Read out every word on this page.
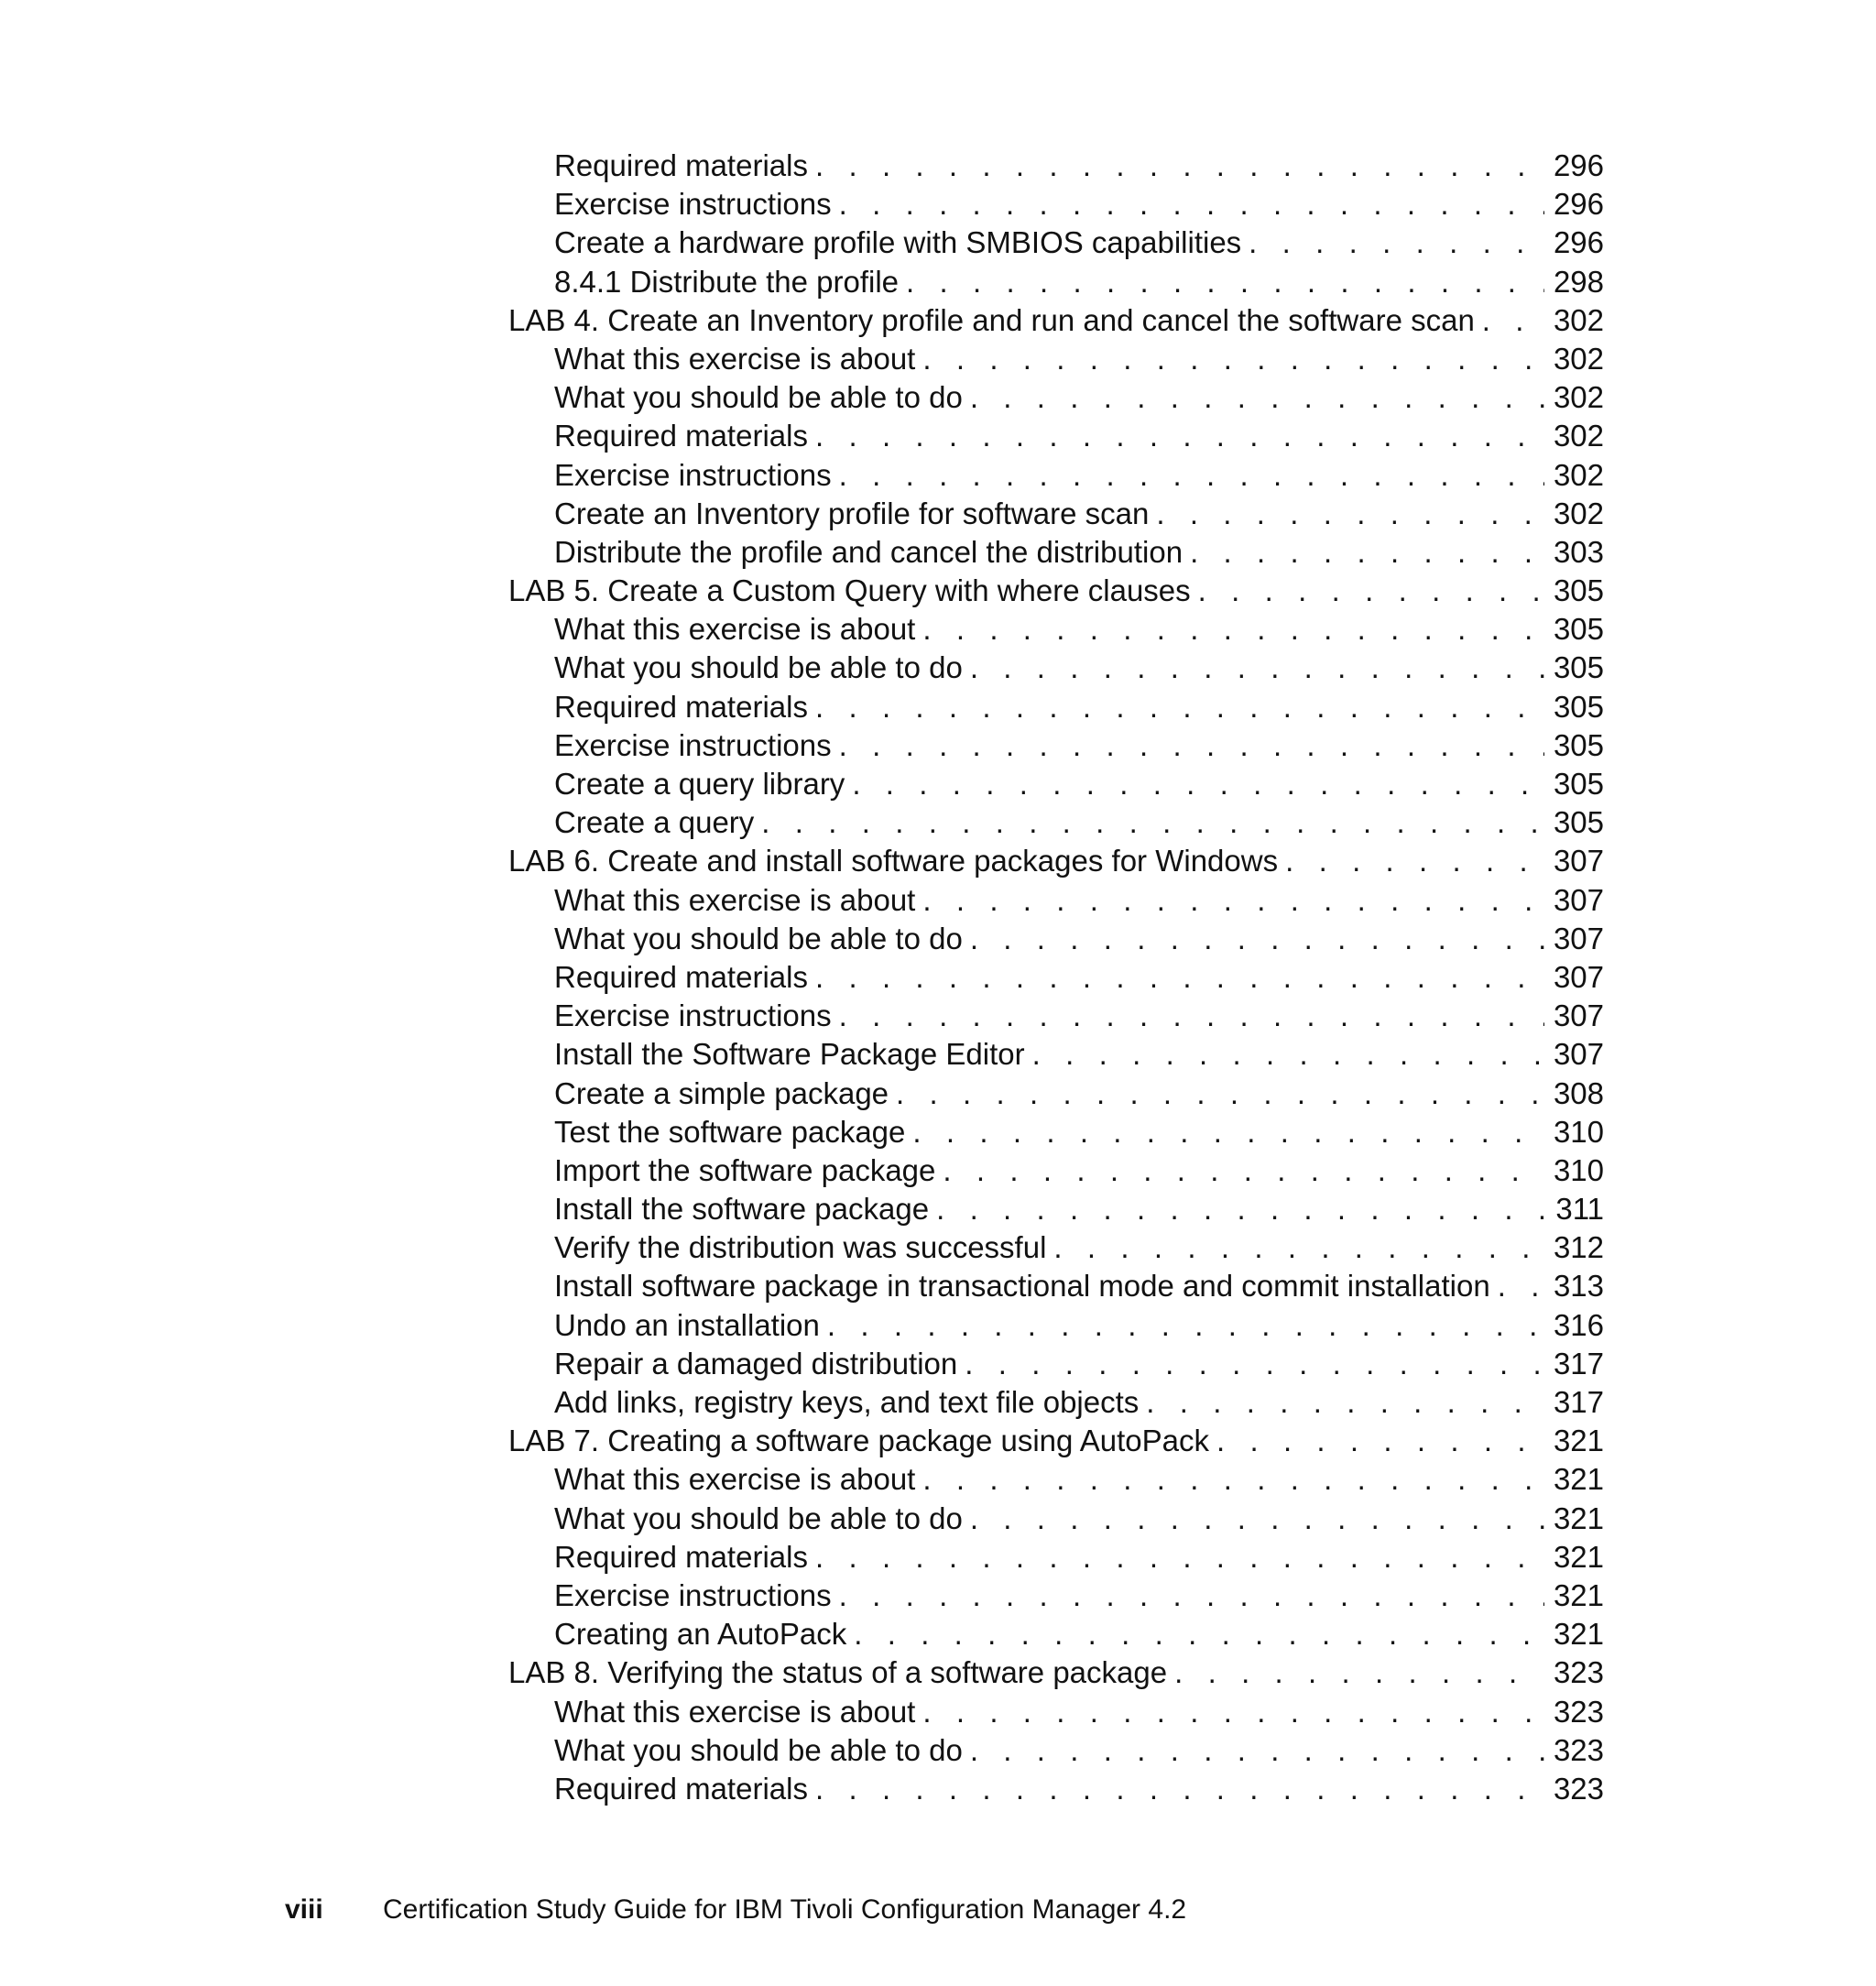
Required materials . . .	296
Exercise instructions . . .	296
Create a hardware profile with SMBIOS capabilities . . .	296
8.4.1 Distribute the profile . . .	298
LAB 4. Create an Inventory profile and run and cancel the software scan . . .	302
What this exercise is about . . .	302
What you should be able to do . . .	302
Required materials . . .	302
Exercise instructions . . .	302
Create an Inventory profile for software scan . . .	302
Distribute the profile and cancel the distribution . . .	303
LAB 5. Create a Custom Query with where clauses . . .	305
What this exercise is about . . .	305
What you should be able to do . . .	305
Required materials . . .	305
Exercise instructions . . .	305
Create a query library . . .	305
Create a query . . .	305
LAB 6. Create and install software packages for Windows . . .	307
What this exercise is about . . .	307
What you should be able to do . . .	307
Required materials . . .	307
Exercise instructions . . .	307
Install the Software Package Editor . . .	307
Create a simple package . . .	308
Test the software package . . .	310
Import the software package . . .	310
Install the software package . . .	311
Verify the distribution was successful . . .	312
Install software package in transactional mode and commit installation . . .	313
Undo an installation . . .	316
Repair a damaged distribution . . .	317
Add links, registry keys, and text file objects . . .	317
LAB 7. Creating a software package using AutoPack . . .	321
What this exercise is about . . .	321
What you should be able to do . . .	321
Required materials . . .	321
Exercise instructions . . .	321
Creating an AutoPack . . .	321
LAB 8. Verifying the status of a software package . . .	323
What this exercise is about . . .	323
What you should be able to do . . .	323
Required materials . . .	323
viii	Certification Study Guide for IBM Tivoli Configuration Manager 4.2
